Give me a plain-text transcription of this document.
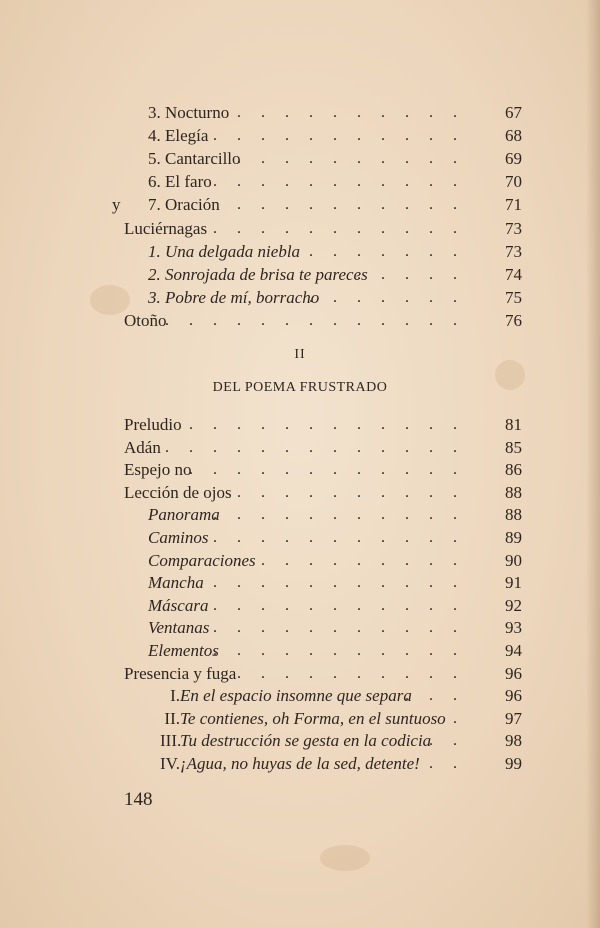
3. Nocturno . . . . . . . . . . 67
4. Elegía . . . . . . . . . . . 68
5. Cantarcillo
. . . . . . . . . . 69
6. El faro . . . . . . . . . . . 70
y 7. Oración . . . . . . . . . . 71
Luciérnagas . . . . . . . . . . . 73
1. Una delgada niebla . . . . . . . 73
2. Sonrojada de brisa te pareces
. . . . . 74
3. Pobre de mí, borracho
. . . . . . . 75
Otoño
. . . . . . . . . . . . . 76
II
DEL POEMA FRUSTRADO
Preludio . . . . . . . . . . . . 81
Adán . . . . . . . . . . . . . 85
Espejo no
. . . . . . . . . . . . 86
Lección de ojos . . . . . . . . . . 88
Panorama
. . . . . . . . . . . 88
Caminos . . . . . . . . . . . 89
Comparaciones
. . . . . . . . . . 90
Mancha . . . . . . . . . . . 91
Máscara . . . . . . . . . . . 92
Ventanas . . . . . . . . . . . 93
Elementos
. . . . . . . . . . . 94
Presencia y fuga . . . . . . . . . . 96
I. En el espacio insomne que separa
. . . 96
II. Te contienes, oh Forma, en el suntuoso . 97
III.
Tu destrucción se gesta en la codicia
. . 98
IV. ¡Agua, no huyas de la sed, detente! . . 99
148
